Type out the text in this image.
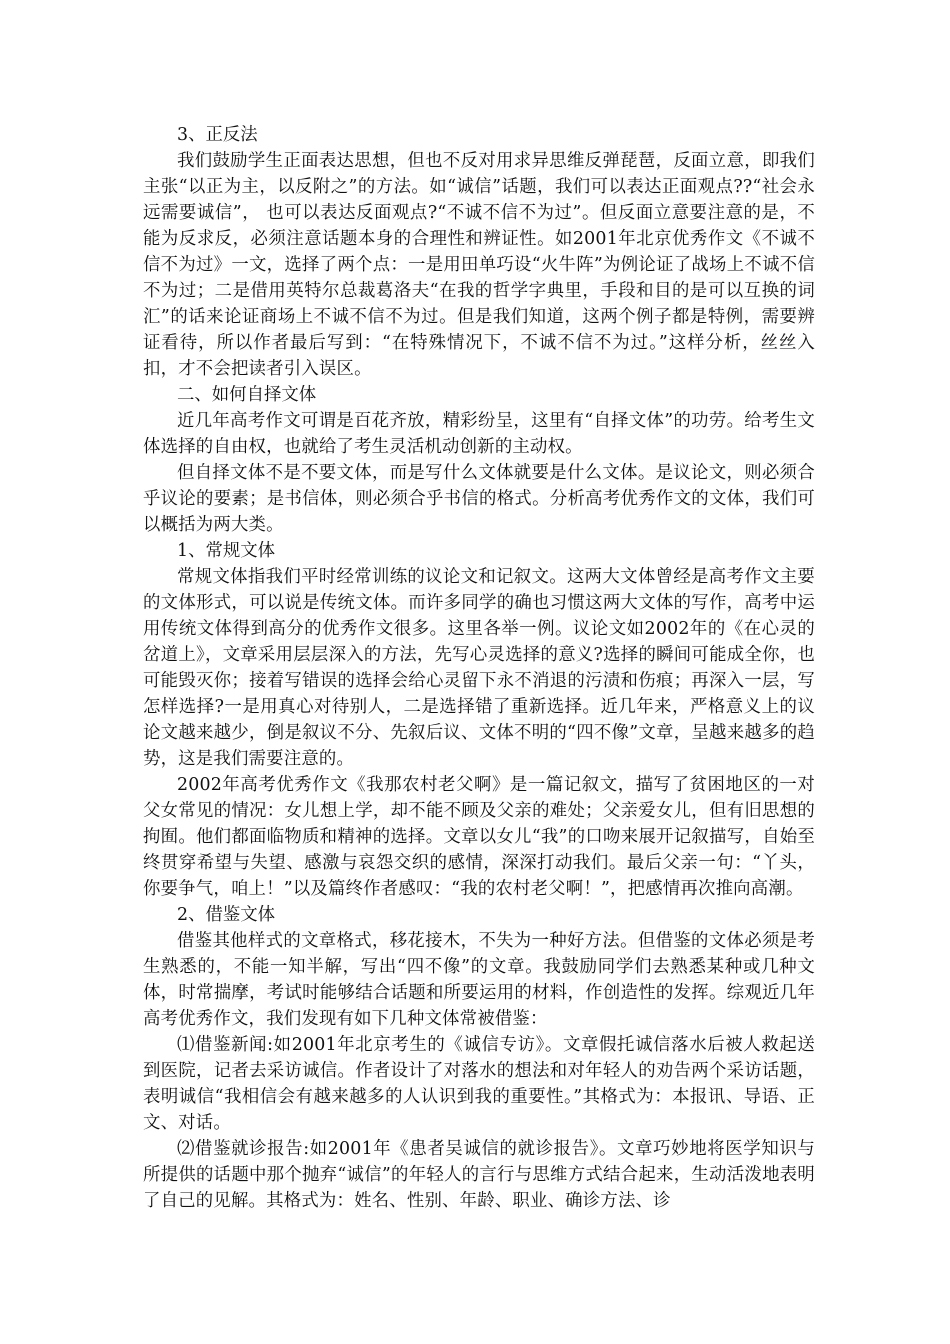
3、正反法

我们鼓励学生正面表达思想，但也不反对用求异思维反弹琵琶，反面立意，即我们主张“以正为主，以反附之”的方法。如“诚信”话题，我们可以表达正面观点??“社会永远需要诚信”， 也可以表达反面观点?“不诚不信不为过”。但反面立意要注意的是，不能为反求反，必须注意话题本身的合理性和辨证性。如2001年北京优秀作文《不诚不信不为过》一文，选择了两个点：一是用田单巧设“火牛阵”为例论证了战场上不诚不信不为过；二是借用英特尔总裁葛洛夫“在我的哲学字典里，手段和目的是可以互换的词汇”的话来论证商场上不诚不信不为过。但是我们知道，这两个例子都是特例，需要辨证看待，所以作者最后写到：“在特殊情况下，不诚不信不为过。”这样分析，丝丝入扣，才不会把读者引入误区。

二、如何自择文体

近几年高考作文可谓是百花齐放，精彩纷呈，这里有“自择文体”的功劳。给考生文体选择的自由权，也就给了考生灵活机动创新的主动权。

但自择文体不是不要文体，而是写什么文体就要是什么文体。是议论文，则必须合乎议论的要素；是书信体，则必须合乎书信的格式。分析高考优秀作文的文体，我们可以概括为两大类。

1、常规文体

常规文体指我们平时经常训练的议论文和记叙文。这两大文体曾经是高考作文主要的文体形式，可以说是传统文体。而许多同学的确也习惯这两大文体的写作，高考中运用传统文体得到高分的优秀作文很多。这里各举一例。议论文如2002年的《在心灵的岔道上》，文章采用层层深入的方法，先写心灵选择的意义?选择的瞬间可能成全你，也可能毁灭你；接着写错误的选择会给心灵留下永不消退的污渍和伤痕；再深入一层，写怎样选择?一是用真心对待别人，二是选择错了重新选择。近几年来，严格意义上的议论文越来越少，倒是叙议不分、先叙后议、文体不明的“四不像”文章，呈越来越多的趋势，这是我们需要注意的。

2002年高考优秀作文《我那农村老父啊》是一篇记叙文，描写了贫困地区的一对父女常见的情况：女儿想上学，却不能不顾及父亲的难处；父亲爱女儿，但有旧思想的拘囿。他们都面临物质和精神的选择。文章以女儿“我”的口吻来展开记叙描写，自始至终贯穿希望与失望、感激与哀怨交织的感情，深深打动我们。最后父亲一句：“丫头，你要争气，咱上！”以及篇终作者感叹：“我的农村老父啊！”，把感情再次推向高潮。

2、借鉴文体

借鉴其他样式的文章格式，移花接木，不失为一种好方法。但借鉴的文体必须是考生熟悉的，不能一知半解，写出“四不像”的文章。我鼓励同学们去熟悉某种或几种文体，时常揣摩，考试时能够结合话题和所要运用的材料，作创造性的发挥。综观近几年高考优秀作文，我们发现有如下几种文体常被借鉴：

⑴借鉴新闻:如2001年北京考生的《诚信专访》。文章假托诚信落水后被人救起送到医院，记者去采访诚信。作者设计了对落水的想法和对年轻人的劝告两个采访话题，表明诚信“我相信会有越来越多的人认识到我的重要性。”其格式为：本报讯、导语、正文、对话。

⑵借鉴就诊报告:如2001年《患者吴诚信的就诊报告》。文章巧妙地将医学知识与所提供的话题中那个抛弃“诚信”的年轻人的言行与思维方式结合起来，生动活泼地表明了自己的见解。其格式为：姓名、性别、年龄、职业、确诊方法、诊
